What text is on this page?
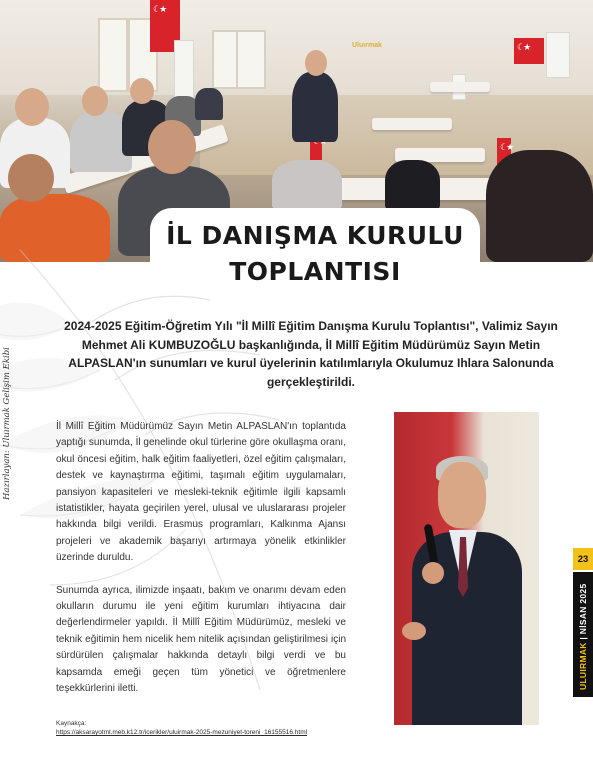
☾★
☾★
☾★
☾★
Uluırmak
İL DANIŞMA KURULU
TOPLANTISI
2024-2025 Eğitim-Öğretim Yılı "İl Millî Eğitim Danışma Kurulu Toplantısı", Valimiz Sayın Mehmet Ali KUMBUZOĞLU başkanlığında, İl Millî Eğitim Müdürümüz Sayın Metin ALPASLAN'ın sunumları ve kurul üyelerinin katılımlarıyla Okulumuz Ihlara Salonunda gerçekleştirildi.
Hazırlayan: Uluırmak Gelişim Ekibi	İl Millî Eğitim Müdürümüz Sayın Metin ALPASLAN'ın toplantıda yaptığı sunumda, İl genelinde okul türlerine göre okullaşma oranı, okul öncesi eğitim, halk eğitim faaliyetleri, özel eğitim çalışmaları, destek ve kaynaştırma eğitimi, taşımalı eğitim uygulamaları, pansiyon kapasiteleri ve mesleki-teknik eğitimle ilgili kapsamlı istatistikler, hayata geçirilen yerel, ulusal ve uluslararası projeler hakkında bilgi verildi. Erasmus programları, Kalkınma Ajansı projeleri ve akademik başarıyı artırmaya yönelik etkinlikler üzerinde duruldu.

Sunumda ayrıca, ilimizde inşaatı, bakım ve onarımı devam eden okulların durumu ile yeni eğitim kurumları ihtiyacına dair değerlendirmeler yapıldı. İl Millî Eğitim Müdürümüz, mesleki ve teknik eğitimin hem nicelik hem nitelik açısından geliştirilmesi için sürdürülen çalışmalar hakkında detaylı bilgi verdi ve bu kapsamda emeği geçen tüm yönetici ve öğretmenlere teşekkürlerini iletti.

23
ULUIRMAK | NİSAN 2025
Kaynakça:
https://aksarayotml.meb.k12.tr/icerikler/uluirmak-2025-mezuniyet-toreni_16155516.html
